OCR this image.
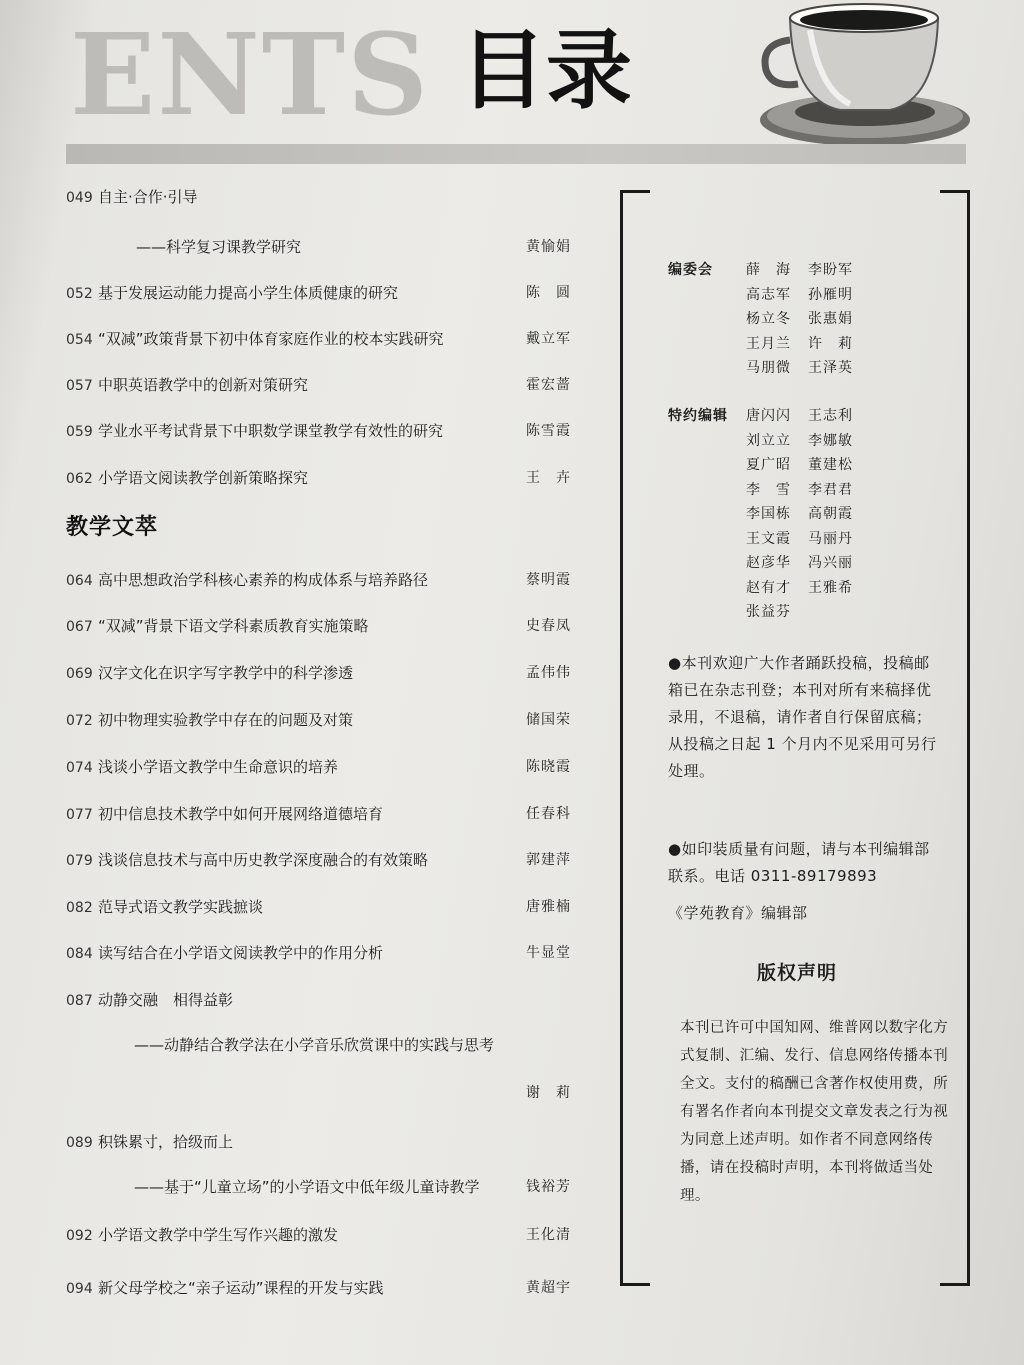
ENTS 目录
049 自主·合作·引导
——科学复习课教学研究	黄愉娟
052 基于发展运动能力提高小学生体质健康的研究	陈　圆
054 “双减”政策背景下初中体育家庭作业的校本实践研究	戴立军
057 中职英语教学中的创新对策研究	霍宏蔷
059 学业水平考试背景下中职数学课堂教学有效性的研究	陈雪霞
062 小学语文阅读教学创新策略探究	王　卉
064 高中思想政治学科核心素养的构成体系与培养路径	蔡明霞
067 “双减”背景下语文学科素质教育实施策略	史春凤
069 汉字文化在识字写字教学中的科学渗透	孟伟伟
072 初中物理实验教学中存在的问题及对策	储国荣
074 浅谈小学语文教学中生命意识的培养	陈晓霞
077 初中信息技术教学中如何开展网络道德培育	任春科
079 浅谈信息技术与高中历史教学深度融合的有效策略	郭建萍
082 范导式语文教学实践摭谈	唐雅楠
084 读写结合在小学语文阅读教学中的作用分析	牛显堂
087 动静交融　相得益彰
——动静结合教学法在小学音乐欣赏课中的实践与思考
谢　莉
089 积铢累寸，拾级而上
——基于“儿童立场”的小学语文中低年级儿童诗教学	钱裕芳
092 小学语文教学中学生写作兴趣的激发	王化清
094 新父母学校之“亲子运动”课程的开发与实践	黄超宇
教学文萃
编委会 薛　海 李盼军
高志军 孙雁明
杨立冬 张惠娟
王月兰 许　莉
马朋微 王泽英
特约编辑 唐闪闪 王志利
刘立立 李娜敏
夏广昭 董建松
李　雪 李君君
李国栋 高朝霞
王文霞 马丽丹
赵彦华 冯兴丽
赵有才 王雅希
张益芬
●本刊欢迎广大作者踊跃投稿，投稿邮箱已在杂志刊登；本刊对所有来稿择优录用，不退稿，请作者自行保留底稿；从投稿之日起 1 个月内不见采用可另行处理。
●如印装质量有问题，请与本刊编辑部联系。电话 0311-89179893
《学苑教育》编辑部
版权声明
本刊已许可中国知网、维普网以数字化方式复制、汇编、发行、信息网络传播本刊全文。支付的稿酬已含著作权使用费，所有署名作者向本刊提交文章发表之行为视为同意上述声明。如作者不同意网络传播，请在投稿时声明，本刊将做适当处理。
